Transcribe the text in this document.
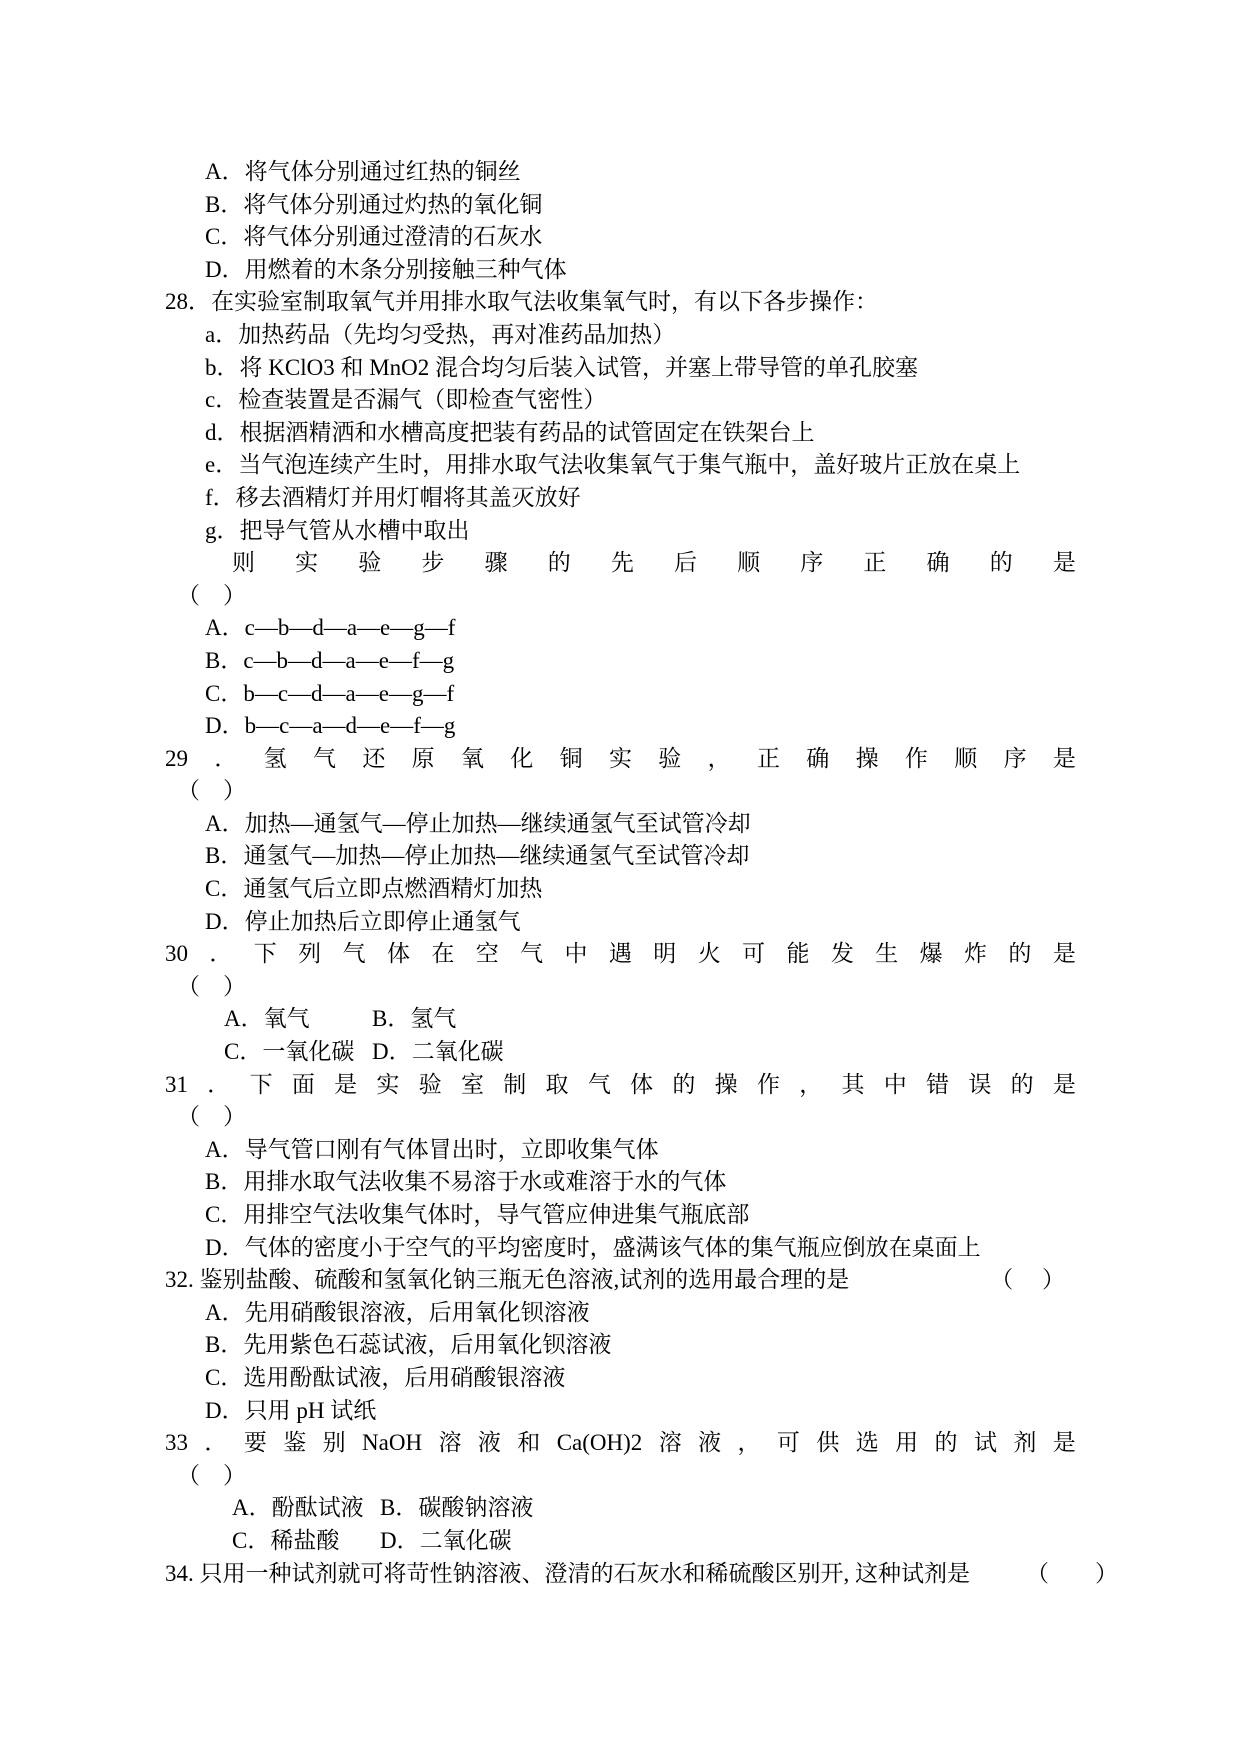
A．将气体分别通过红热的铜丝
B．将气体分别通过灼热的氧化铜
C．将气体分别通过澄清的石灰水
D．用燃着的木条分别接触三种气体
28．在实验室制取氧气并用排水取气法收集氧气时，有以下各步操作：
a．加热药品（先均匀受热，再对准药品加热）
b．将 KClO3 和 MnO2 混合均匀后装入试管，并塞上带导管的单孔胶塞
c．检查装置是否漏气（即检查气密性）
d．根据酒精洒和水槽高度把装有药品的试管固定在铁架台上
e．当气泡连续产生时，用排水取气法收集氧气于集气瓶中，盖好玻片正放在桌上
f．移去酒精灯并用灯帽将其盖灭放好
g．把导气管从水槽中取出
则 实 验 步 骤 的 先 后 顺 序 正 确 的 是
（    ）
A．c—b—d—a—e—g—f
B．c—b—d—a—e—f—g
C．b—c—d—a—e—g—f
D．b—c—a—d—e—f—g
29 ． 氢 气 还 原 氧 化 铜 实 验 ， 正 确 操 作 顺 序 是
（    ）
A．加热—通氢气—停止加热—继续通氢气至试管冷却
B．通氢气—加热—停止加热—继续通氢气至试管冷却
C．通氢气后立即点燃酒精灯加热
D．停止加热后立即停止通氢气
30 ． 下 列 气 体 在 空 气 中 遇 明 火 可 能 发 生 爆 炸 的 是
（    ）
A．氧气	B．氢气
C．一氧化碳 D．二氧化碳
31 ． 下 面 是 实 验 室 制 取 气 体 的 操 作 ， 其 中 错 误 的 是
（    ）
A．导气管口刚有气体冒出时，立即收集气体
B．用排水取气法收集不易溶于水或难溶于水的气体
C．用排空气法收集气体时，导气管应伸进集气瓶底部
D．气体的密度小于空气的平均密度时，盛满该气体的集气瓶应倒放在桌面上
32. 鉴别盐酸、硫酸和氢氧化钠三瓶无色溶液,试剂的选用最合理的是	（     ）
A．先用硝酸银溶液，后用氧化钡溶液
B．先用紫色石蕊试液，后用氧化钡溶液
C．选用酚酞试液，后用硝酸银溶液
D．只用 pH 试纸
33 ． 要 鉴 别 NaOH 溶 液 和 Ca(OH)2 溶 液 ， 可 供 选 用 的 试 剂 是
（    ）
A．酚酞试液 B．碳酸钠溶液
C．稀盐酸 D．二氧化碳
34. 只用一种试剂就可将苛性钠溶液、澄清的石灰水和稀硫酸区别开, 这种试剂是 （        ）
